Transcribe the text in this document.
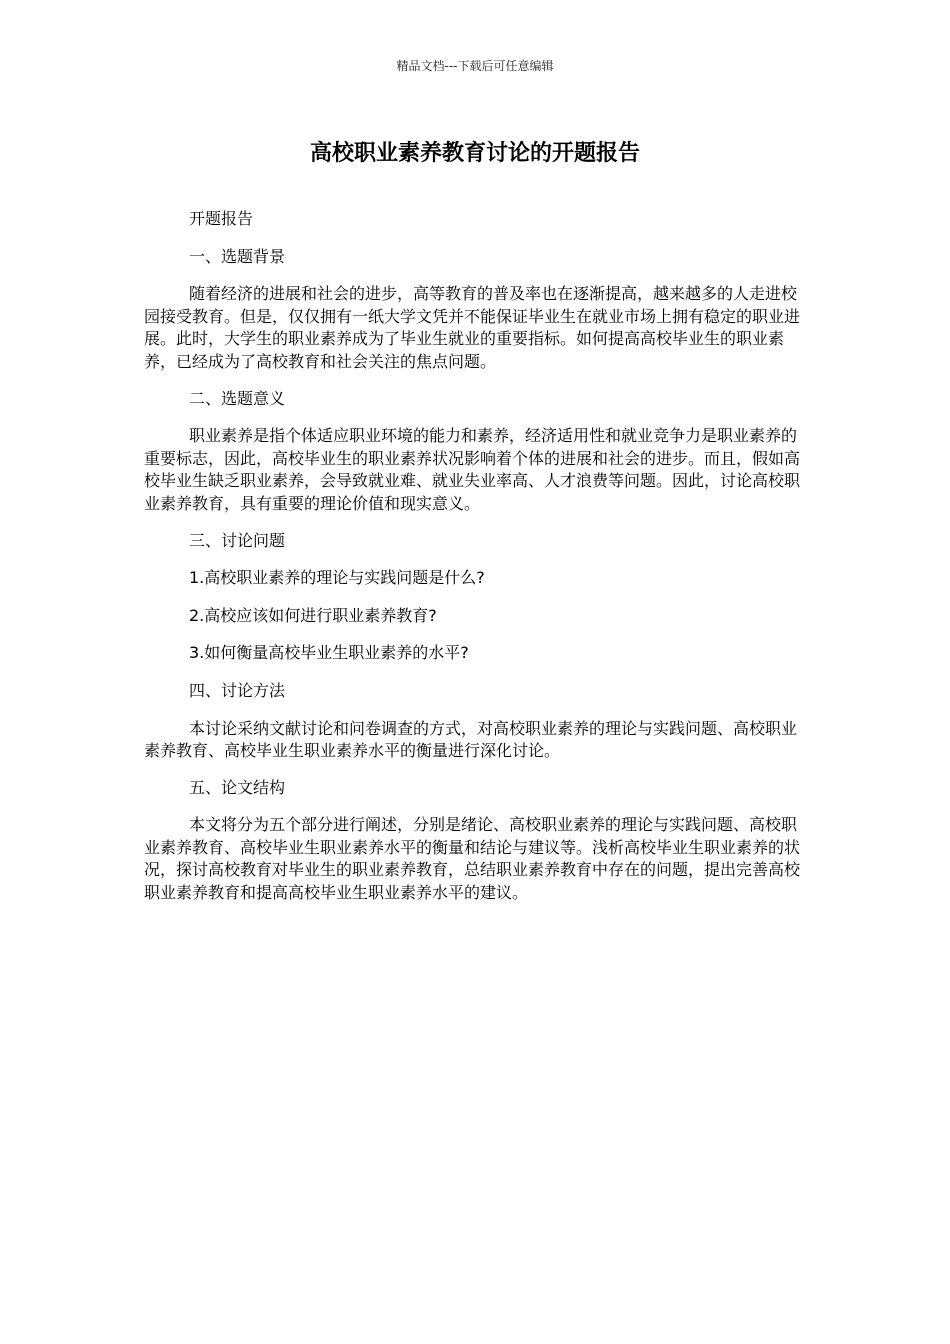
精品文档---下载后可任意编辑
高校职业素养教育讨论的开题报告

开题报告

一、选题背景

随着经济的进展和社会的进步，高等教育的普及率也在逐渐提高，越来越多的人走进校园接受教育。但是，仅仅拥有一纸大学文凭并不能保证毕业生在就业市场上拥有稳定的职业进展。此时，大学生的职业素养成为了毕业生就业的重要指标。如何提高高校毕业生的职业素养，已经成为了高校教育和社会关注的焦点问题。

二、选题意义

职业素养是指个体适应职业环境的能力和素养，经济适用性和就业竞争力是职业素养的重要标志，因此，高校毕业生的职业素养状况影响着个体的进展和社会的进步。而且，假如高校毕业生缺乏职业素养，会导致就业难、就业失业率高、人才浪费等问题。因此，讨论高校职业素养教育，具有重要的理论价值和现实意义。

三、讨论问题

1.高校职业素养的理论与实践问题是什么?

2.高校应该如何进行职业素养教育?

3.如何衡量高校毕业生职业素养的水平?

四、讨论方法

本讨论采纳文献讨论和问卷调查的方式，对高校职业素养的理论与实践问题、高校职业素养教育、高校毕业生职业素养水平的衡量进行深化讨论。

五、论文结构

本文将分为五个部分进行阐述，分别是绪论、高校职业素养的理论与实践问题、高校职业素养教育、高校毕业生职业素养水平的衡量和结论与建议等。浅析高校毕业生职业素养的状况，探讨高校教育对毕业生的职业素养教育，总结职业素养教育中存在的问题，提出完善高校职业素养教育和提高高校毕业生职业素养水平的建议。
